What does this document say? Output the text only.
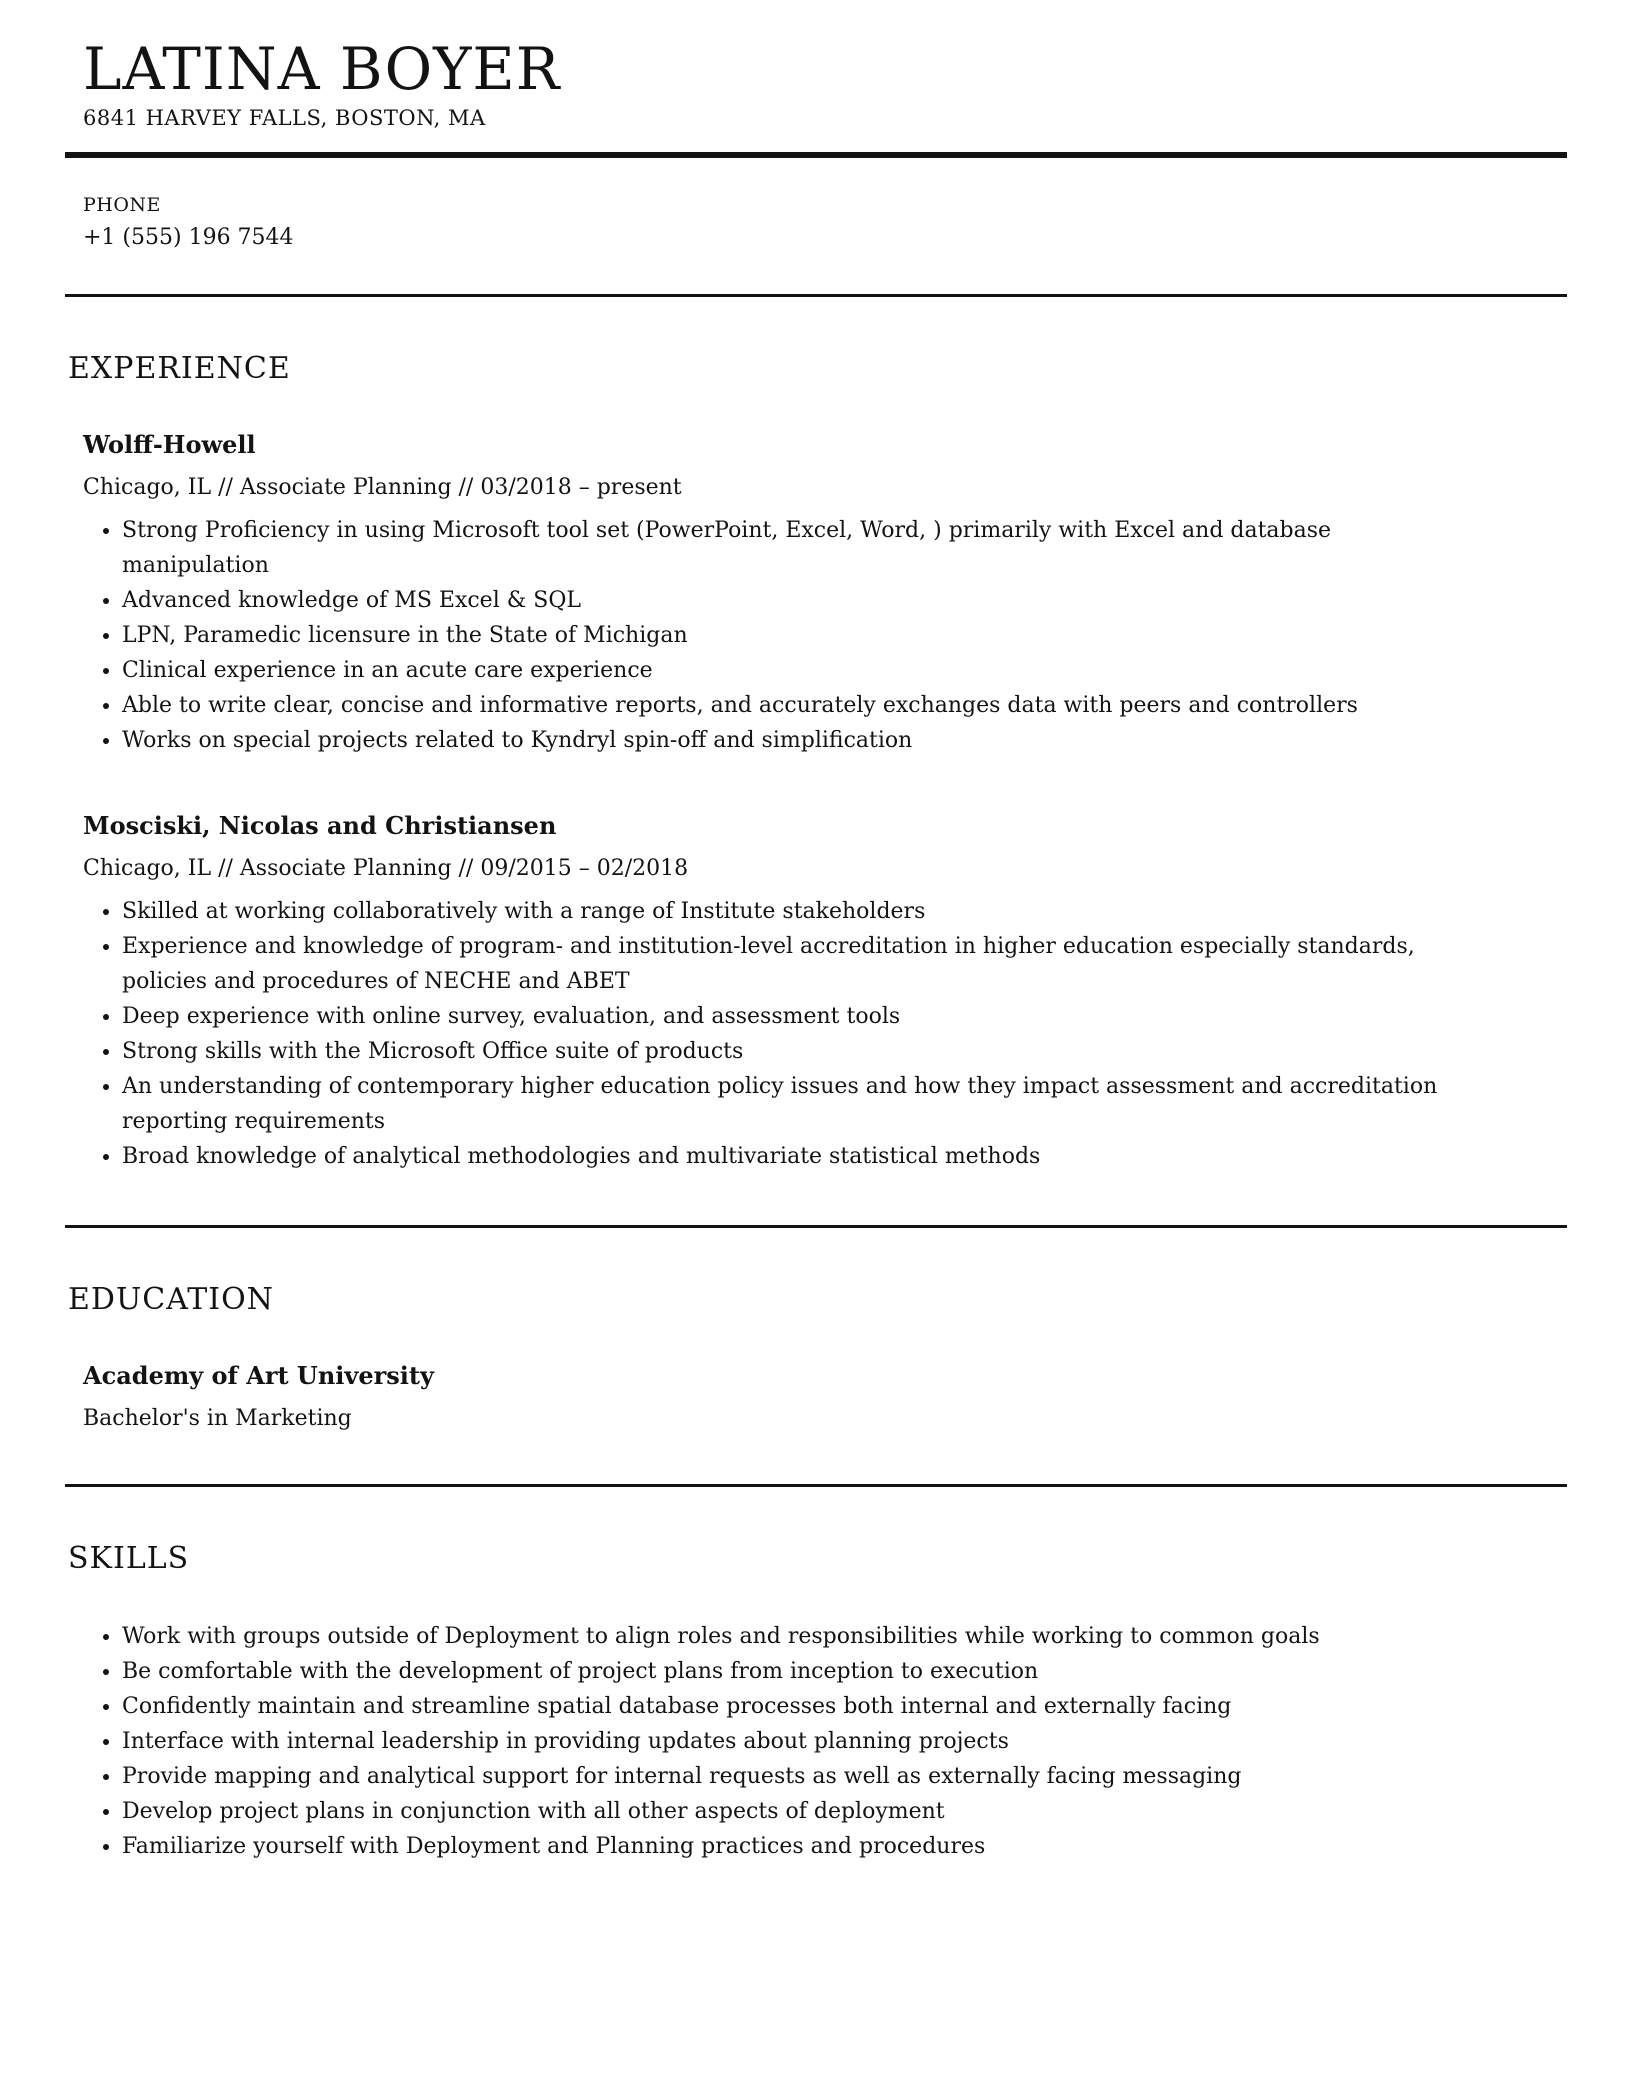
LATINA BOYER
6841 HARVEY FALLS, BOSTON, MA
PHONE
+1 (555) 196 7544
EXPERIENCE
Wolff-Howell
Chicago, IL // Associate Planning // 03/2018 – present
• Strong Proficiency in using Microsoft tool set (PowerPoint, Excel, Word, ) primarily with Excel and database manipulation
• Advanced knowledge of MS Excel & SQL
• LPN, Paramedic licensure in the State of Michigan
• Clinical experience in an acute care experience
• Able to write clear, concise and informative reports, and accurately exchanges data with peers and controllers
• Works on special projects related to Kyndryl spin-off and simplification
Mosciski, Nicolas and Christiansen
Chicago, IL // Associate Planning // 09/2015 – 02/2018
• Skilled at working collaboratively with a range of Institute stakeholders
• Experience and knowledge of program- and institution-level accreditation in higher education especially standards, policies and procedures of NECHE and ABET
• Deep experience with online survey, evaluation, and assessment tools
• Strong skills with the Microsoft Office suite of products
• An understanding of contemporary higher education policy issues and how they impact assessment and accreditation reporting requirements
• Broad knowledge of analytical methodologies and multivariate statistical methods
EDUCATION
Academy of Art University
Bachelor's in Marketing
SKILLS
• Work with groups outside of Deployment to align roles and responsibilities while working to common goals
• Be comfortable with the development of project plans from inception to execution
• Confidently maintain and streamline spatial database processes both internal and externally facing
• Interface with internal leadership in providing updates about planning projects
• Provide mapping and analytical support for internal requests as well as externally facing messaging
• Develop project plans in conjunction with all other aspects of deployment
• Familiarize yourself with Deployment and Planning practices and procedures
